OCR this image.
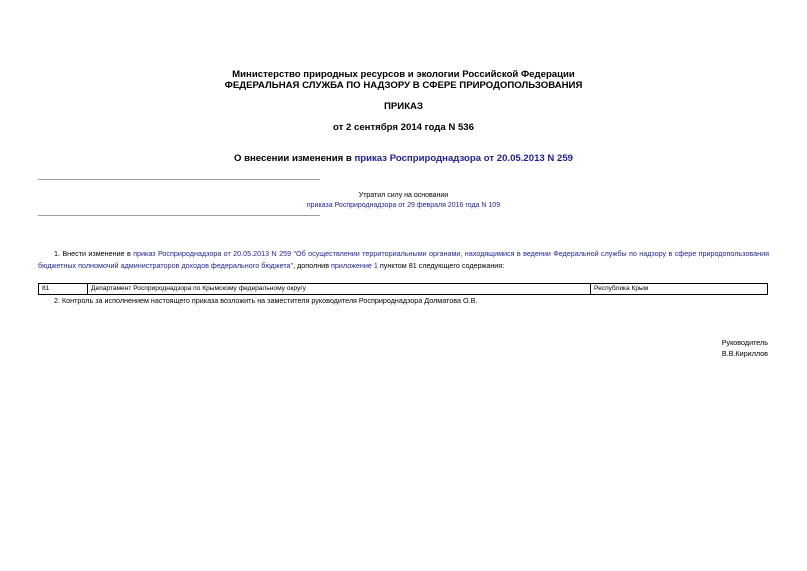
Министерство природных ресурсов и экологии Российской Федерации
ФЕДЕРАЛЬНАЯ СЛУЖБА ПО НАДЗОРУ В СФЕРЕ ПРИРОДОПОЛЬЗОВАНИЯ
ПРИКАЗ
от 2 сентября 2014 года N 536
О внесении изменения в приказ Росприроднадзора от 20.05.2013 N 259
Утратил силу на основании
приказа Росприроднадзора от 29 февраля 2016 года N 109
1. Внести изменение в приказ Росприроднадзора от 20.05.2013 N 259 "Об осуществлении территориальными органами, находящимися в ведении Федеральной службы по надзору в сфере природопользования бюджетных полномочий администраторов доходов федерального бюджета", дополнив приложение 1 пунктом 81 следующего содержания:
81	Департамент Росприроднадзора по Крымскому федеральному округу	Республика Крым
2. Контроль за исполнением настоящего приказа возложить на заместителя руководителя Росприроднадзора Долматова О.В.
Руководитель
В.В.Кириллов
